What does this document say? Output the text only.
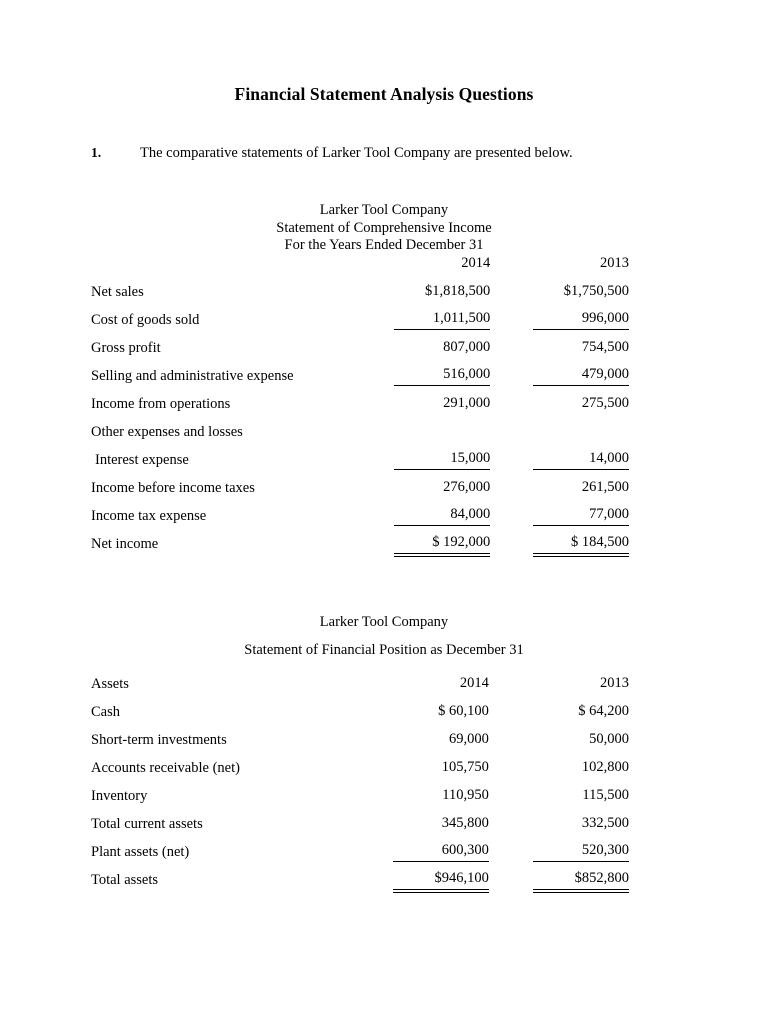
Financial Statement Analysis Questions
1.	The comparative statements of Larker Tool Company are presented below.
Larker Tool Company
Statement of Comprehensive Income
For the Years Ended December 31
	2014	2013
Net sales	$1,818,500	$1,750,500
Cost of goods sold	1,011,500	996,000
Gross profit	807,000	754,500
Selling and administrative expense	516,000	479,000
Income from operations	291,000	275,500
Other expenses and losses		
Interest expense	15,000	14,000
Income before income taxes	276,000	261,500
Income tax expense	84,000	77,000
Net income	$ 192,000	$ 184,500
Larker Tool Company
Statement of Financial Position as December 31
Assets	2014	2013
Cash	$ 60,100	$ 64,200
Short-term investments	69,000	50,000
Accounts receivable (net)	105,750	102,800
Inventory	110,950	115,500
Total current assets	345,800	332,500
Plant assets (net)	600,300	520,300
Total assets	$946,100	$852,800
